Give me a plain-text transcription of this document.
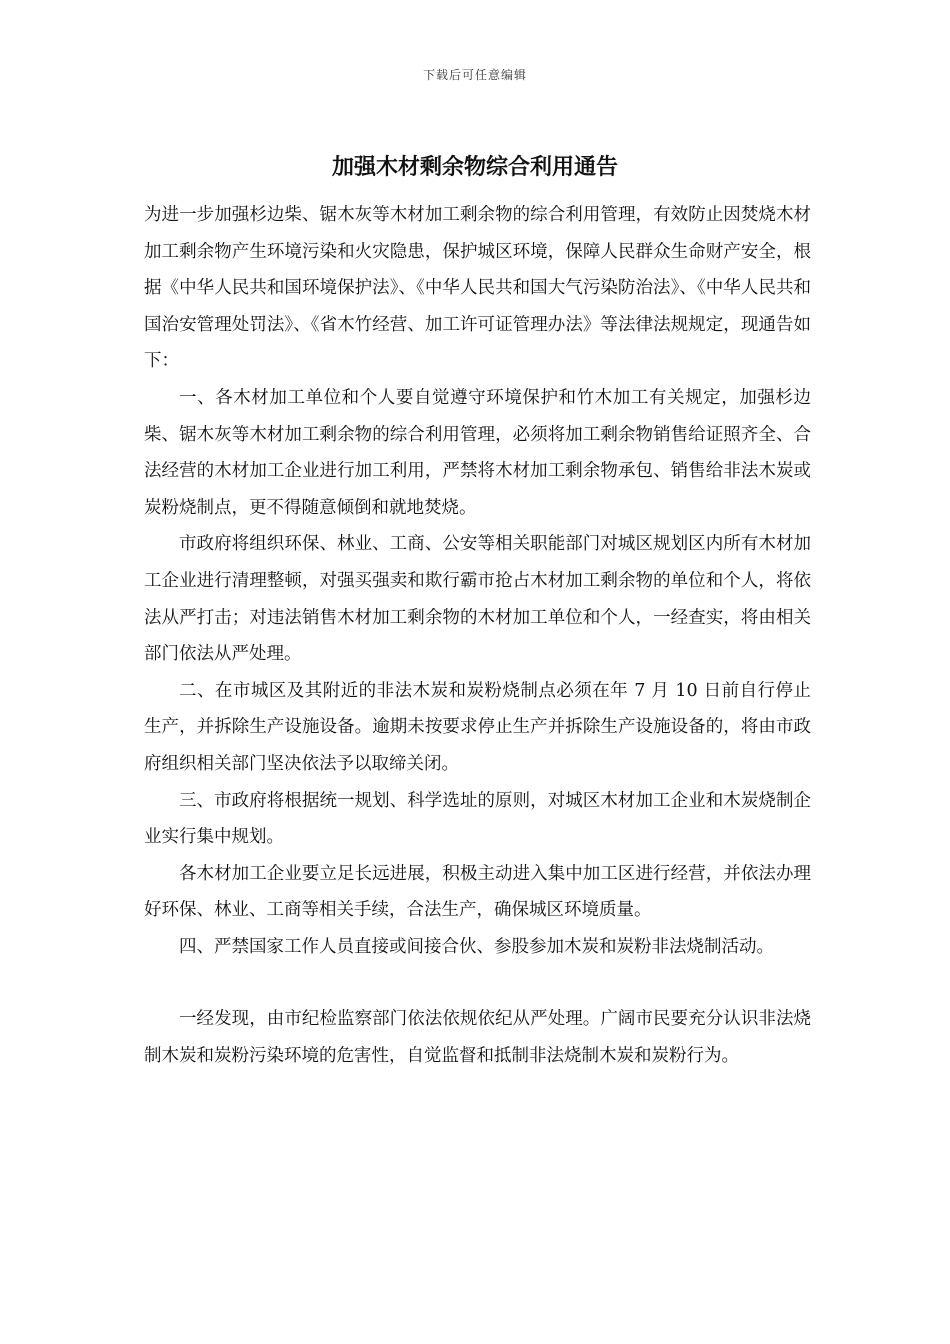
下载后可任意编辑
加强木材剩余物综合利用通告

为进一步加强杉边柴、锯木灰等木材加工剩余物的综合利用管理，有效防止因焚烧木材加工剩余物产生环境污染和火灾隐患，保护城区环境，保障人民群众生命财产安全，根据《中华人民共和国环境保护法》、《中华人民共和国大气污染防治法》、《中华人民共和国治安管理处罚法》、《省木竹经营、加工许可证管理办法》等法律法规规定，现通告如下：

一、各木材加工单位和个人要自觉遵守环境保护和竹木加工有关规定，加强杉边柴、锯木灰等木材加工剩余物的综合利用管理，必须将加工剩余物销售给证照齐全、合法经营的木材加工企业进行加工利用，严禁将木材加工剩余物承包、销售给非法木炭或炭粉烧制点，更不得随意倾倒和就地焚烧。

市政府将组织环保、林业、工商、公安等相关职能部门对城区规划区内所有木材加工企业进行清理整顿，对强买强卖和欺行霸市抢占木材加工剩余物的单位和个人，将依法从严打击；对违法销售木材加工剩余物的木材加工单位和个人，一经查实，将由相关部门依法从严处理。

二、在市城区及其附近的非法木炭和炭粉烧制点必须在年 7 月 10 日前自行停止生产，并拆除生产设施设备。逾期未按要求停止生产并拆除生产设施设备的，将由市政府组织相关部门坚决依法予以取缔关闭。

三、市政府将根据统一规划、科学选址的原则，对城区木材加工企业和木炭烧制企业实行集中规划。

各木材加工企业要立足长远进展，积极主动进入集中加工区进行经营，并依法办理好环保、林业、工商等相关手续，合法生产，确保城区环境质量。

四、严禁国家工作人员直接或间接合伙、参股参加木炭和炭粉非法烧制活动。

一经发现，由市纪检监察部门依法依规依纪从严处理。广阔市民要充分认识非法烧制木炭和炭粉污染环境的危害性，自觉监督和抵制非法烧制木炭和炭粉行为。
